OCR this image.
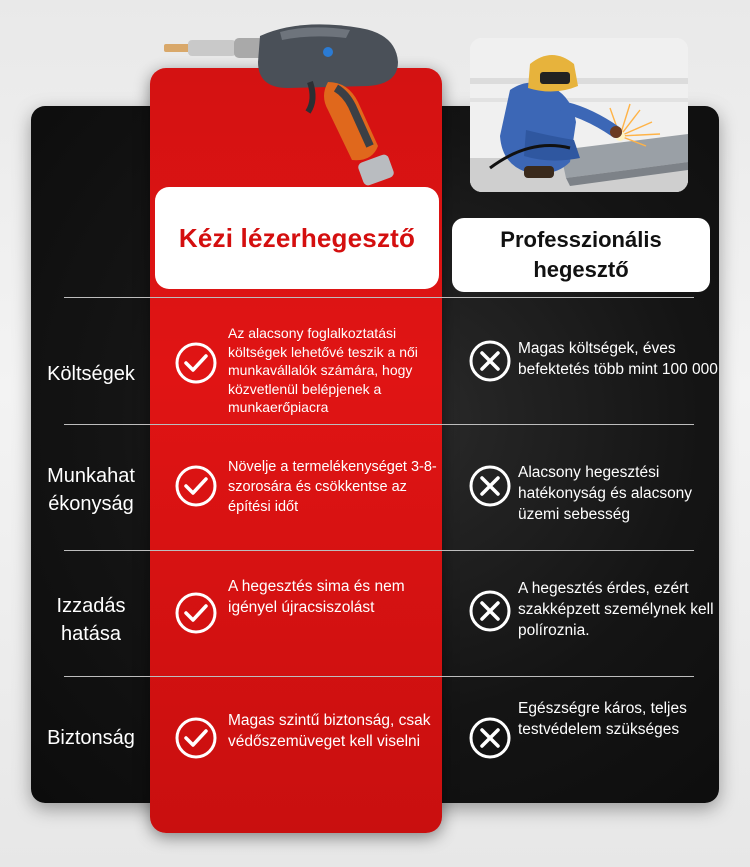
Kézi lézerhegesztő	Professzionális
hegesztő
Költségek
Az alacsony foglalkoztatási költségek lehetővé teszik a női munkavállalók számára, hogy közvetlenül belépjenek a munkaerőpiacra
Magas költségek, éves befektetés több mint 100 000
Munkahat
ékonyság
Növelje a termelékenységet 3-8-szorosára és csökkentse az építési időt
Alacsony hegesztési hatékonyság és alacsony üzemi sebesség
Izzadás
hatása
A hegesztés sima és nem igényel újracsiszolást
A hegesztés érdes, ezért szakképzett személynek kell políroznia.
Biztonság
Magas szintű biztonság, csak védőszemüveget kell viselni
Egészségre káros, teljes testvédelem szükséges
